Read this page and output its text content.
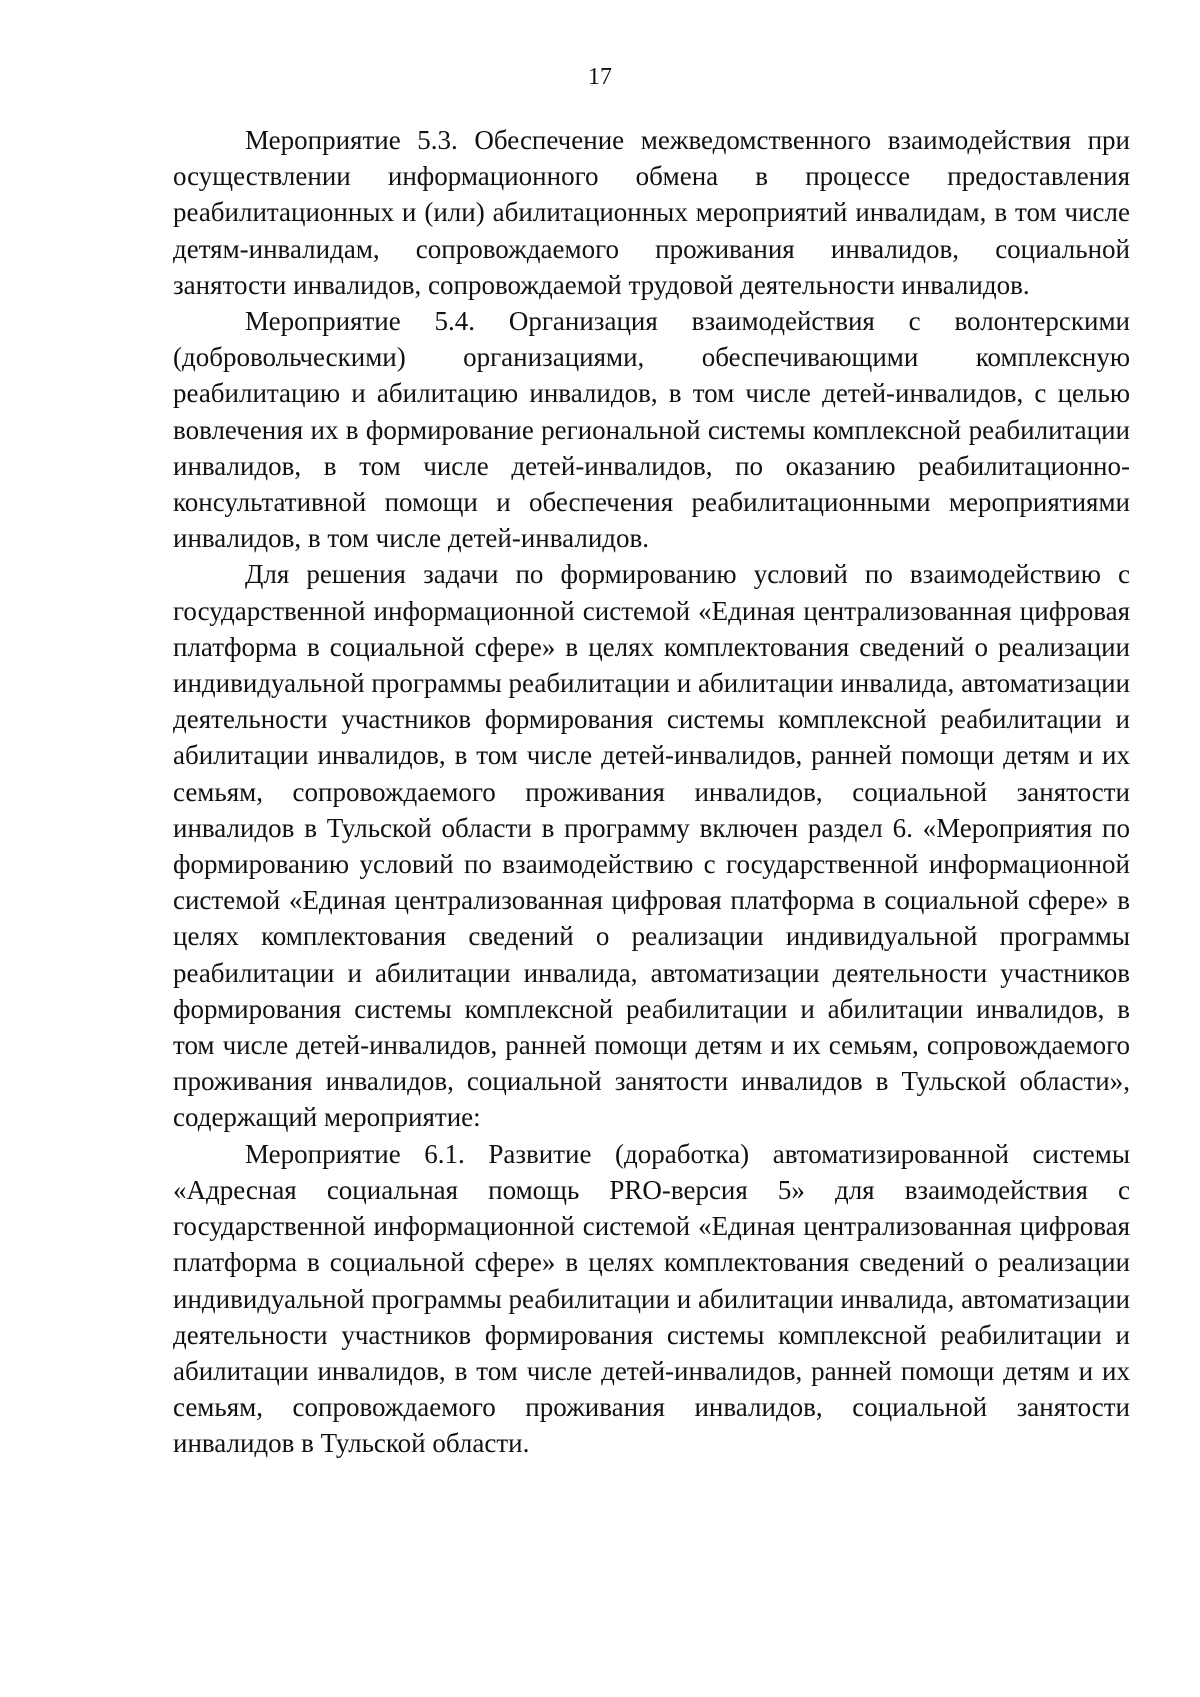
17

Мероприятие 5.3. Обеспечение межведомственного взаимодействия при осуществлении информационного обмена в процессе предоставления реабилитационных и (или) абилитационных мероприятий инвалидам, в том числе детям-инвалидам, сопровождаемого проживания инвалидов, социальной занятости инвалидов, сопровождаемой трудовой деятельности инвалидов.

Мероприятие 5.4. Организация взаимодействия с волонтерскими (добровольческими) организациями, обеспечивающими комплексную реабилитацию и абилитацию инвалидов, в том числе детей-инвалидов, с целью вовлечения их в формирование региональной системы комплексной реабилитации инвалидов, в том числе детей-инвалидов, по оказанию реабилитационно-консультативной помощи и обеспечения реабилитационными мероприятиями инвалидов, в том числе детей-инвалидов.

Для решения задачи по формированию условий по взаимодействию с государственной информационной системой «Единая централизованная цифровая платформа в социальной сфере» в целях комплектования сведений о реализации индивидуальной программы реабилитации и абилитации инвалида, автоматизации деятельности участников формирования системы комплексной реабилитации и абилитации инвалидов, в том числе детей-инвалидов, ранней помощи детям и их семьям, сопровождаемого проживания инвалидов, социальной занятости инвалидов в Тульской области в программу включен раздел 6. «Мероприятия по формированию условий по взаимодействию с государственной информационной системой «Единая централизованная цифровая платформа в социальной сфере» в целях комплектования сведений о реализации индивидуальной программы реабилитации и абилитации инвалида, автоматизации деятельности участников формирования системы комплексной реабилитации и абилитации инвалидов, в том числе детей-инвалидов, ранней помощи детям и их семьям, сопровождаемого проживания инвалидов, социальной занятости инвалидов в Тульской области», содержащий мероприятие:

Мероприятие 6.1. Развитие (доработка) автоматизированной системы «Адресная социальная помощь PRO-версия 5» для взаимодействия с государственной информационной системой «Единая централизованная цифровая платформа в социальной сфере» в целях комплектования сведений о реализации индивидуальной программы реабилитации и абилитации инвалида, автоматизации деятельности участников формирования системы комплексной реабилитации и абилитации инвалидов, в том числе детей-инвалидов, ранней помощи детям и их семьям, сопровождаемого проживания инвалидов, социальной занятости инвалидов в Тульской области.
